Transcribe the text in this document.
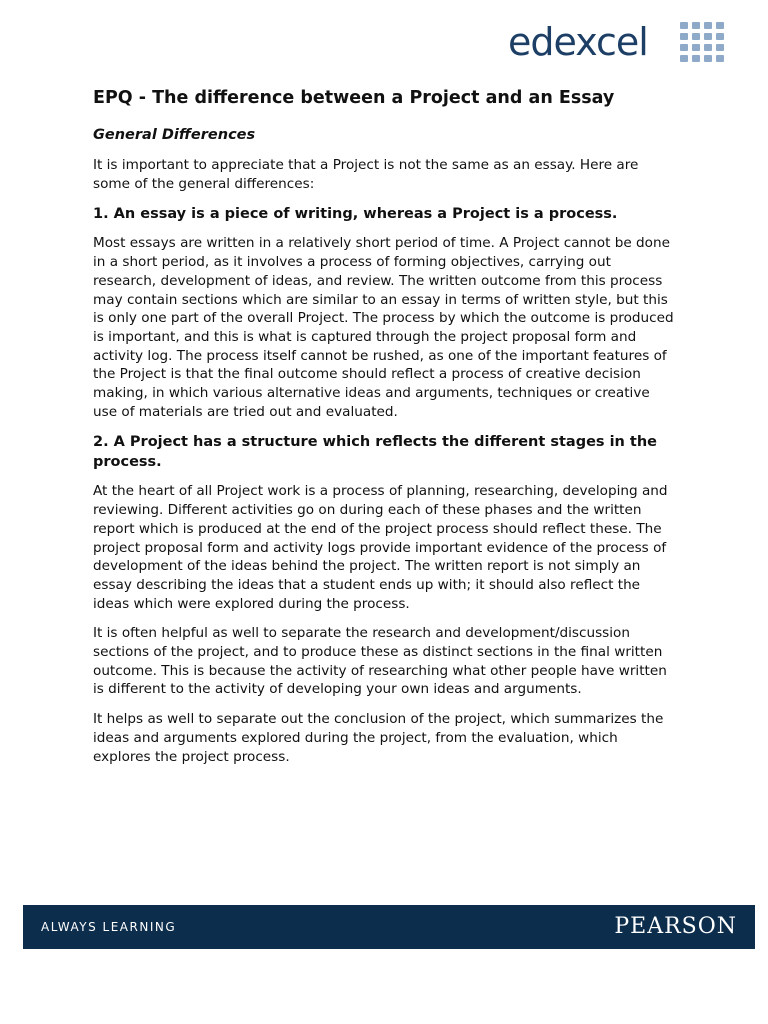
edexcel
EPQ - The difference between a Project and an Essay
General Differences

It is important to appreciate that a Project is not the same as an essay. Here are some of the general differences:

1. An essay is a piece of writing, whereas a Project is a process.

Most essays are written in a relatively short period of time. A Project cannot be done in a short period, as it involves a process of forming objectives, carrying out research, development of ideas, and review. The written outcome from this process may contain sections which are similar to an essay in terms of written style, but this is only one part of the overall Project. The process by which the outcome is produced is important, and this is what is captured through the project proposal form and activity log. The process itself cannot be rushed, as one of the important features of the Project is that the final outcome should reflect a process of creative decision making, in which various alternative ideas and arguments, techniques or creative use of materials are tried out and evaluated.

2. A Project has a structure which reflects the different stages in the process.

At the heart of all Project work is a process of planning, researching, developing and reviewing. Different activities go on during each of these phases and the written report which is produced at the end of the project process should reflect these. The project proposal form and activity logs provide important evidence of the process of development of the ideas behind the project. The written report is not simply an essay describing the ideas that a student ends up with; it should also reflect the ideas which were explored during the process.

It is often helpful as well to separate the research and development/discussion sections of the project, and to produce these as distinct sections in the final written outcome. This is because the activity of researching what other people have written is different to the activity of developing your own ideas and arguments.

It helps as well to separate out the conclusion of the project, which summarizes the ideas and arguments explored during the project, from the evaluation, which explores the project process.

ALWAYS LEARNING	PEARSON
